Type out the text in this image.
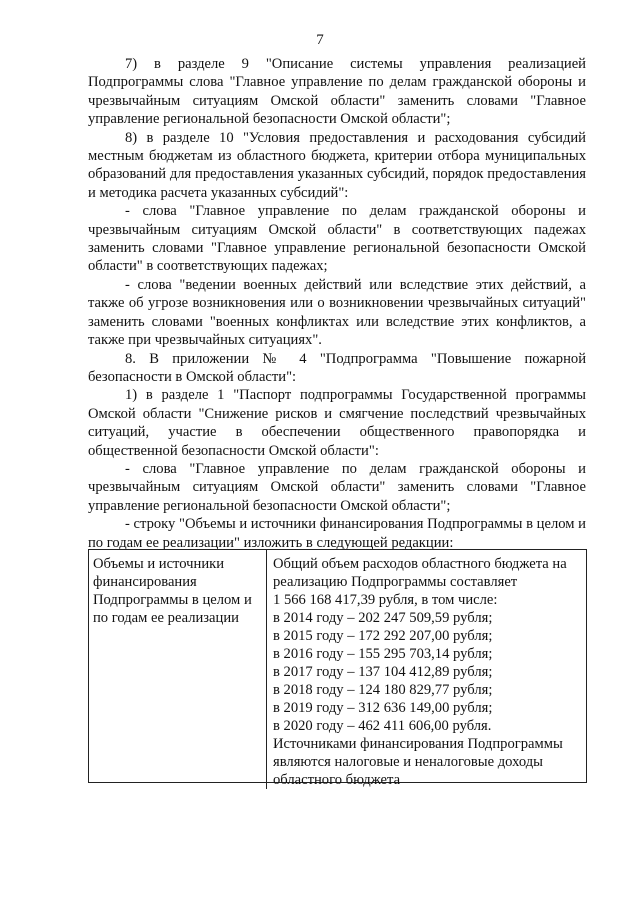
7

7) в разделе 9 "Описание системы управления реализацией Подпрограммы слова "Главное управление по делам гражданской обороны и чрезвычайным ситуациям Омской области" заменить словами "Главное управление региональной безопасности Омской области";

8) в разделе 10 "Условия предоставления и расходования субсидий местным бюджетам из областного бюджета, критерии отбора муниципальных образований для предоставления указанных субсидий, порядок предоставления и методика расчета указанных субсидий":

- слова "Главное управление по делам гражданской обороны и чрезвычайным ситуациям Омской области" в соответствующих падежах заменить словами "Главное управление региональной безопасности Омской области" в соответствующих падежах;

- слова "ведении военных действий или вследствие этих действий, а также об угрозе возникновения или о возникновении чрезвычайных ситуаций" заменить словами "военных конфликтах или вследствие этих конфликтов, а также при чрезвычайных ситуациях".

8. В приложении № 4 "Подпрограмма "Повышение пожарной безопасности в Омской области":

1) в разделе 1 "Паспорт подпрограммы Государственной программы Омской области "Снижение рисков и смягчение последствий чрезвычайных ситуаций, участие в обеспечении общественного правопорядка и общественной безопасности Омской области":

- слова "Главное управление по делам гражданской обороны и чрезвычайным ситуациям Омской области" заменить словами "Главное управление региональной безопасности Омской области";

- строку "Объемы и источники финансирования Подпрограммы в целом и по годам ее реализации" изложить в следующей редакции:

Объемы и источники финансирования Подпрограммы в целом и по годам ее реализации
Общий объем расходов областного бюджета на
реализацию Подпрограммы составляет
1 566 168 417,39 рубля, в том числе:
в 2014 году – 202 247 509,59 рубля;
в 2015 году – 172 292 207,00 рубля;
в 2016 году – 155 295 703,14 рубля;
в 2017 году – 137 104 412,89 рубля;
в 2018 году – 124 180 829,77 рубля;
в 2019 году – 312 636 149,00 рубля;
в 2020 году – 462 411 606,00 рубля.
Источниками финансирования Подпрограммы
являются налоговые и неналоговые доходы
областного бюджета
